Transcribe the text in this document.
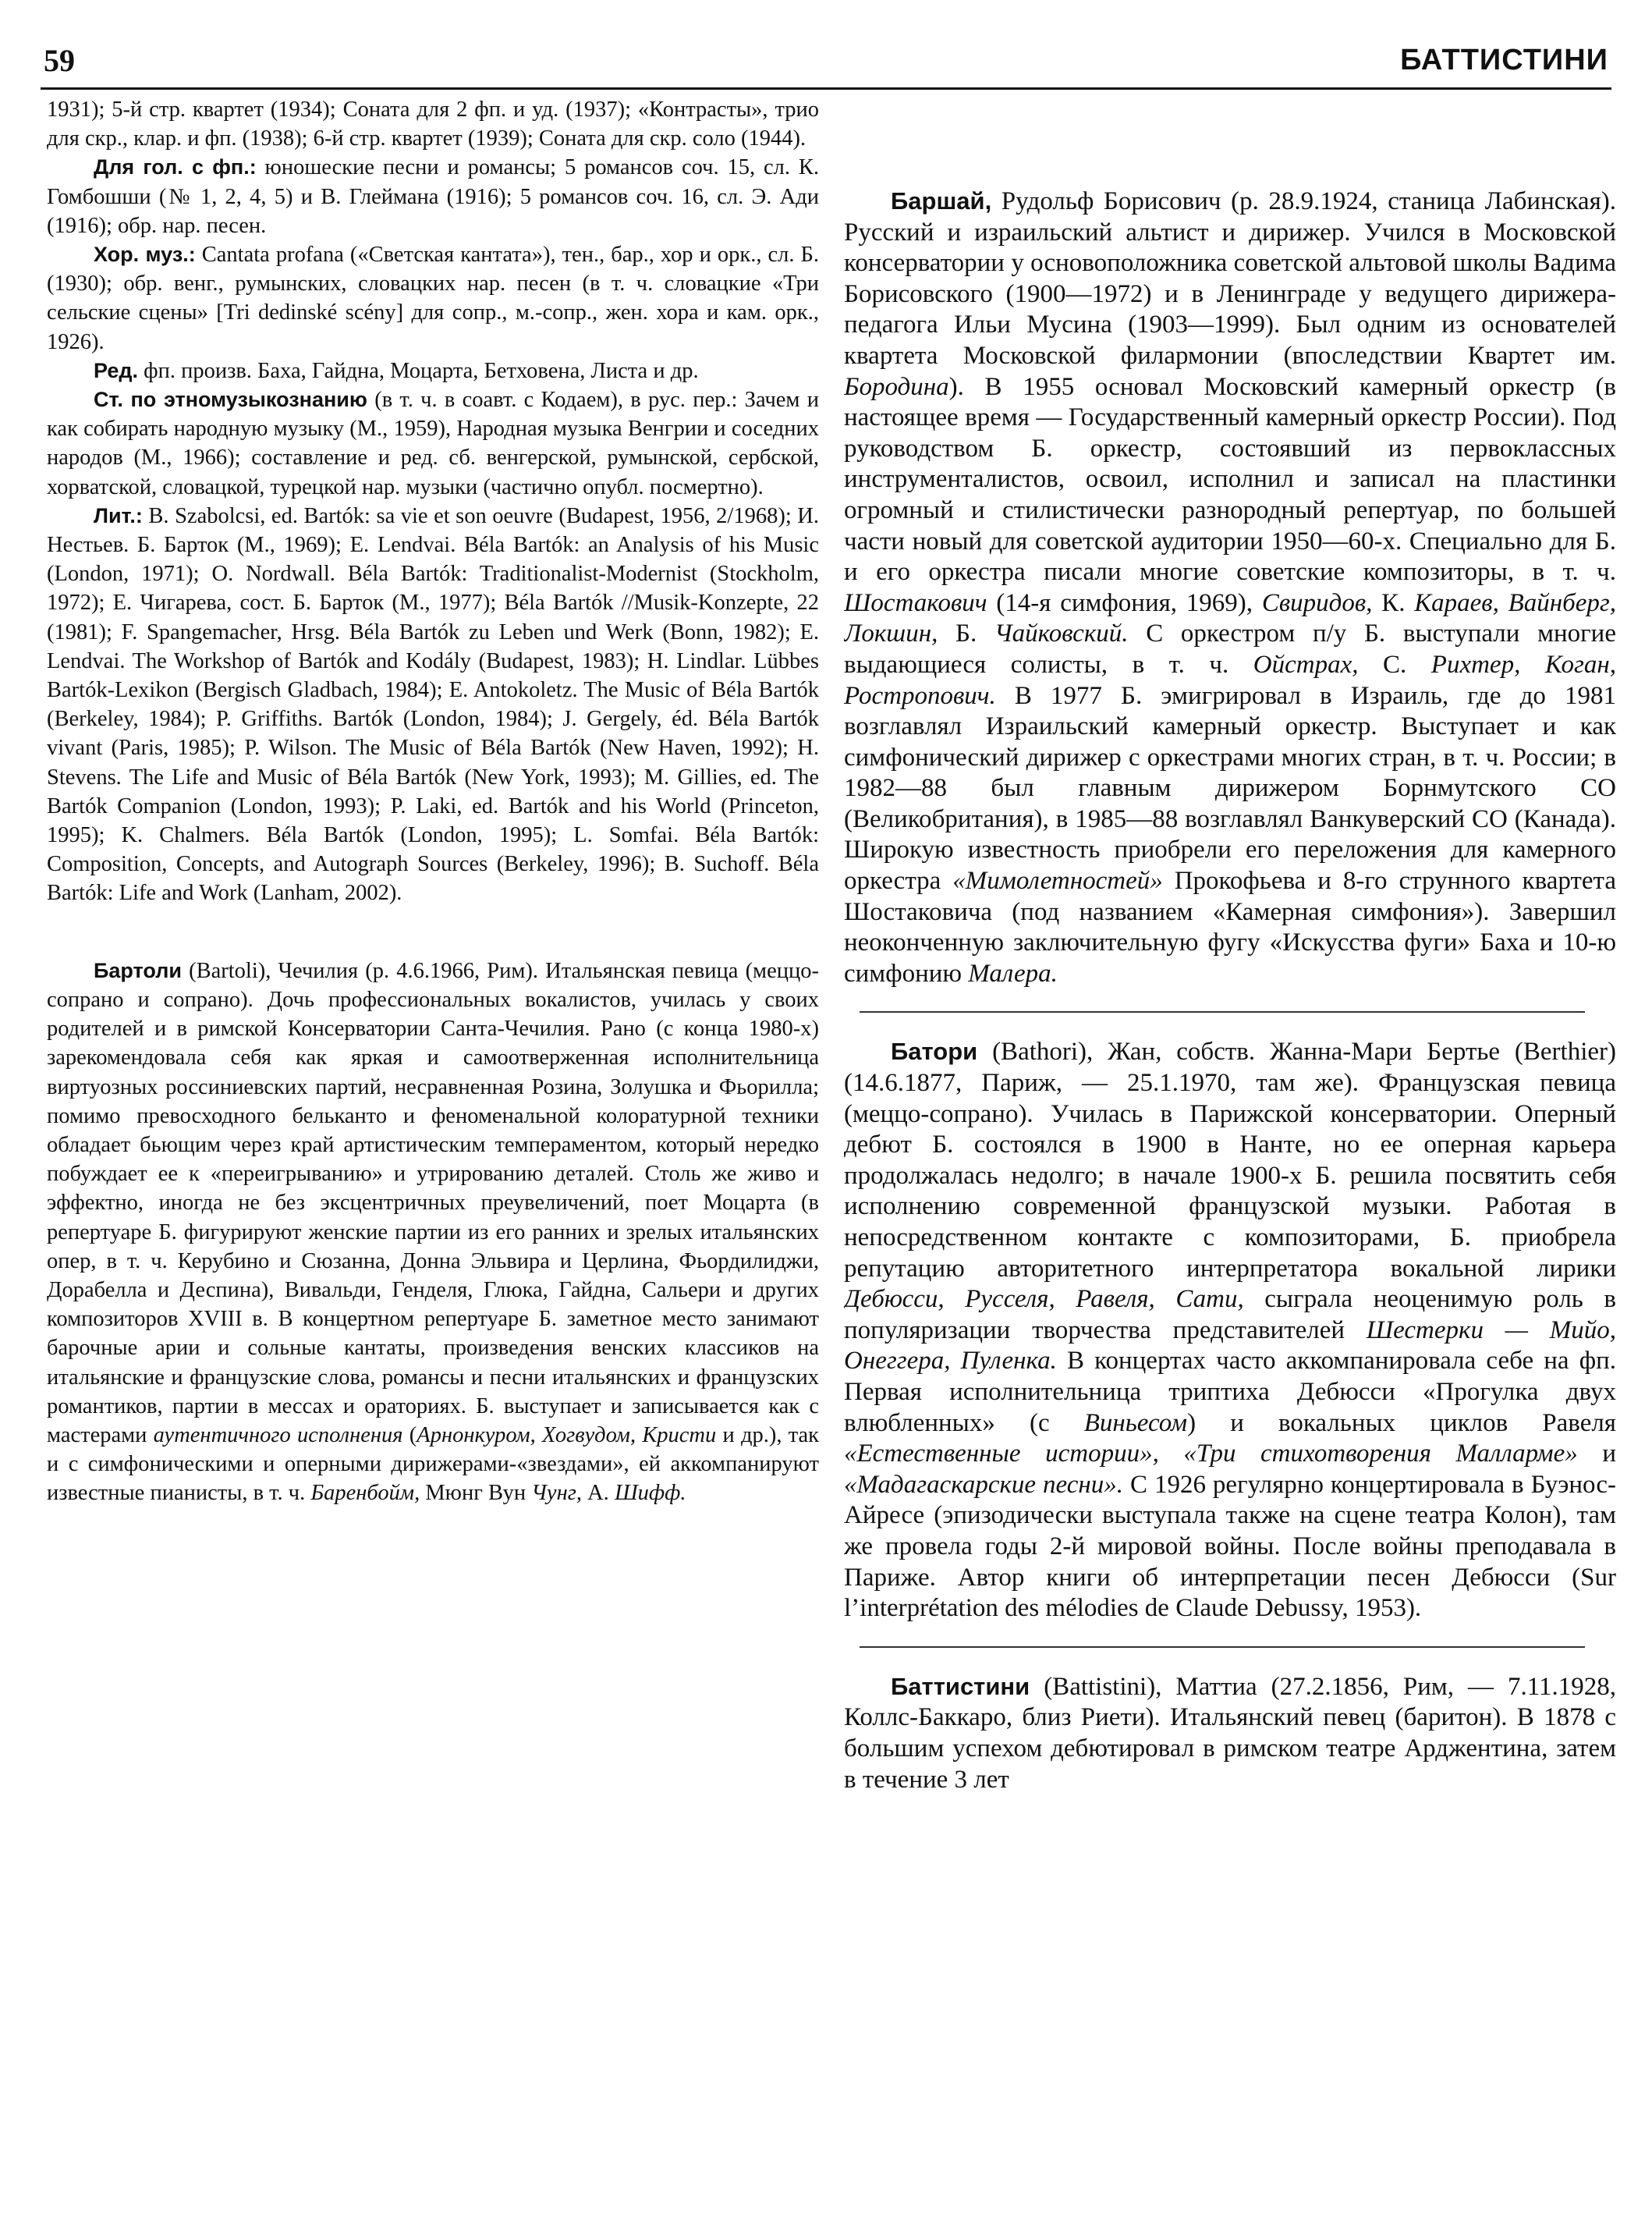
59	БАТТИСТИНИ

1931); 5-й стр. квартет (1934); Соната для 2 фп. и уд. (1937); «Контрасты», трио для скр., клар. и фп. (1938); 6-й стр. квартет (1939); Соната для скр. соло (1944).

Для гол. с фп.: юношеские песни и романсы; 5 романсов соч. 15, сл. К. Гомбошши (№ 1, 2, 4, 5) и В. Глеймана (1916); 5 романсов соч. 16, сл. Э. Ади (1916); обр. нар. песен.

Хор. муз.: Cantata profana («Светская кантата»), тен., бар., хор и орк., сл. Б. (1930); обр. венг., румынских, словацких нар. песен (в т. ч. словацкие «Три сельские сцены» [Tri dedinské scény] для сопр., м.-сопр., жен. хора и кам. орк., 1926).

Ред. фп. произв. Баха, Гайдна, Моцарта, Бетховена, Листа и др.

Ст. по этномузыкознанию (в т. ч. в соавт. с Кодаем), в рус. пер.: Зачем и как собирать народную музыку (М., 1959), Народная музыка Венгрии и соседних народов (М., 1966); составление и ред. сб. венгерской, румынской, сербской, хорватской, словацкой, турецкой нар. музыки (частично опубл. посмертно).

Лит.: B. Szabolcsi, ed. Bartók: sa vie et son oeuvre (Budapest, 1956, 2/1968); И. Нестьев. Б. Барток (М., 1969); E. Lendvai. Béla Bartók: an Analysis of his Music (London, 1971); O. Nordwall. Béla Bartók: Traditionalist-Modernist (Stockholm, 1972); Е. Чигарева, сост. Б. Барток (М., 1977); Béla Bartók //Musik-Konzepte, 22 (1981); F. Spangemacher, Hrsg. Béla Bartók zu Leben und Werk (Bonn, 1982); E. Lendvai. The Workshop of Bartók and Kodály (Budapest, 1983); H. Lindlar. Lübbes Bartók-Lexikon (Bergisch Gladbach, 1984); E. Antokoletz. The Music of Béla Bartók (Berkeley, 1984); P. Griffiths. Bartók (London, 1984); J. Gergely, éd. Béla Bartók vivant (Paris, 1985); P. Wilson. The Music of Béla Bartók (New Haven, 1992); H. Stevens. The Life and Music of Béla Bartók (New York, 1993); M. Gillies, ed. The Bartók Companion (London, 1993); P. Laki, ed. Bartók and his World (Princeton, 1995); K. Chalmers. Béla Bartók (London, 1995); L. Somfai. Béla Bartók: Composition, Concepts, and Autograph Sources (Berkeley, 1996); B. Suchoff. Béla Bartók: Life and Work (Lanham, 2002).

Бартоли (Bartoli), Чечилия (р. 4.6.1966, Рим). Итальянская певица (меццо-сопрано и сопрано). Дочь профессиональных вокалистов, училась у своих родителей и в римской Консерватории Санта-Чечилия. Рано (с конца 1980-х) зарекомендовала себя как яркая и самоотверженная исполнительница виртуозных россиниевских партий, несравненная Розина, Золушка и Фьорилла; помимо превосходного бельканто и феноменальной колоратурной техники обладает бьющим через край артистическим темпераментом, который нередко побуждает ее к «переигрыванию» и утрированию деталей. Столь же живо и эффектно, иногда не без эксцентричных преувеличений, поет Моцарта (в репертуаре Б. фигурируют женские партии из его ранних и зрелых итальянских опер, в т. ч. Керубино и Сюзанна, Донна Эльвира и Церлина, Фьордилиджи, Дорабелла и Деспина), Вивальди, Генделя, Глюка, Гайдна, Сальери и других композиторов XVIII в. В концертном репертуаре Б. заметное место занимают барочные арии и сольные кантаты, произведения венских классиков на итальянские и французские слова, романсы и песни итальянских и французских романтиков, партии в мессах и ораториях. Б. выступает и записывается как с мастерами аутентичного исполнения (Арнонкуром, Хогвудом, Кристи и др.), так и с симфоническими и оперными дирижерами-«звездами», ей аккомпанируют известные пианисты, в т. ч. Баренбойм, Мюнг Вун Чунг, А. Шифф.

Баршай, Рудольф Борисович (р. 28.9.1924, станица Лабинская). Русский и израильский альтист и дирижер. Учился в Московской консерватории у основоположника советской альтовой школы Вадима Борисовского (1900—1972) и в Ленинграде у ведущего дирижера-педагога Ильи Мусина (1903—1999). Был одним из основателей квартета Московской филармонии (впоследствии Квартет им. Бородина). В 1955 основал Московский камерный оркестр (в настоящее время — Государственный камерный оркестр России). Под руководством Б. оркестр, состоявший из первоклассных инструменталистов, освоил, исполнил и записал на пластинки огромный и стилистически разнородный репертуар, по большей части новый для советской аудитории 1950—60-х. Специально для Б. и его оркестра писали многие советские композиторы, в т. ч. Шостакович (14-я симфония, 1969), Свиридов, К. Караев, Вайнберг, Локшин, Б. Чайковский. С оркестром п/у Б. выступали многие выдающиеся солисты, в т. ч. Ойстрах, С. Рихтер, Коган, Ростропович. В 1977 Б. эмигрировал в Израиль, где до 1981 возглавлял Израильский камерный оркестр. Выступает и как симфонический дирижер с оркестрами многих стран, в т. ч. России; в 1982—88 был главным дирижером Борнмутского СО (Великобритания), в 1985—88 возглавлял Ванкуверский СО (Канада). Широкую известность приобрели его переложения для камерного оркестра «Мимолетностей» Прокофьева и 8-го струнного квартета Шостаковича (под названием «Камерная симфония»). Завершил неоконченную заключительную фугу «Искусства фуги» Баха и 10-ю симфонию Малера.

Батори (Bathori), Жан, собств. Жанна-Мари Бертье (Berthier) (14.6.1877, Париж, — 25.1.1970, там же). Французская певица (меццо-сопрано). Училась в Парижской консерватории. Оперный дебют Б. состоялся в 1900 в Нанте, но ее оперная карьера продолжалась недолго; в начале 1900-х Б. решила посвятить себя исполнению современной французской музыки. Работая в непосредственном контакте с композиторами, Б. приобрела репутацию авторитетного интерпретатора вокальной лирики Дебюсси, Русселя, Равеля, Сати, сыграла неоценимую роль в популяризации творчества представителей Шестерки — Мийо, Онеггера, Пуленка. В концертах часто аккомпанировала себе на фп. Первая исполнительница триптиха Дебюсси «Прогулка двух влюбленных» (с Виньесом) и вокальных циклов Равеля «Естественные истории», «Три стихотворения Малларме» и «Мадагаскарские песни». С 1926 регулярно концертировала в Буэнос-Айресе (эпизодически выступала также на сцене театра Колон), там же провела годы 2-й мировой войны. После войны преподавала в Париже. Автор книги об интерпретации песен Дебюсси (Sur l’interprétation des mélodies de Claude Debussy, 1953).

Баттистини (Battistini), Маттиа (27.2.1856, Рим, — 7.11.1928, Коллс-Баккаро, близ Риети). Итальянский певец (баритон). В 1878 с большим успехом дебютировал в римском театре Арджентина, затем в течение 3 лет
